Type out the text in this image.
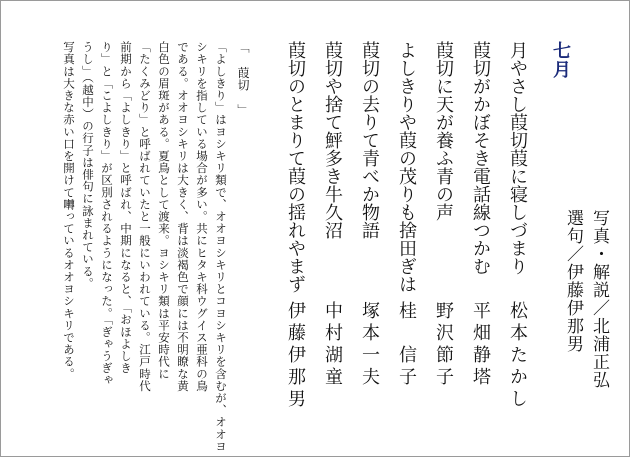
七月
選句／伊藤伊那男 写真･解説／北浦正弘
月やさし葭切葭に寝しづまり
松本たかし
葭切がかぼそき電話線つかむ
平畑静塔
葭切に天が養ふ青の声
野沢節子
よしきりや葭の茂りも捨田ぎは
桂　信子
葭切の去りて青べか物語
塚本一夫
葭切や捨て鮃多き牛久沼
中村湖童
葭切のとまりて葭の揺れやまず
伊藤伊那男
「　葭切　」
「よしきり」はヨシキリ類で、オオヨシキリとコヨシキリを含むが、オオヨ
シキリを指している場合が多い。共にヒタキ科ウグイス亜科の鳥
である。オオヨシキリは大きく、背は淡褐色で顔には不明瞭な黄
白色の眉斑がある。夏鳥として渡来。ヨシキリ類は平安時代に
「たくみどり」と呼ばれていたと一般にいわれている。江戸時代
前期から「よしきり」と呼ばれ、中期になると、「おほよしき
り」と「こよしきり」が区別されるようになった。「ぎゃうぎゃ
うし」（越中）の行子は俳句に詠まれている。
写真は大きな赤い口を開けて囀っているオオヨシキリである。
